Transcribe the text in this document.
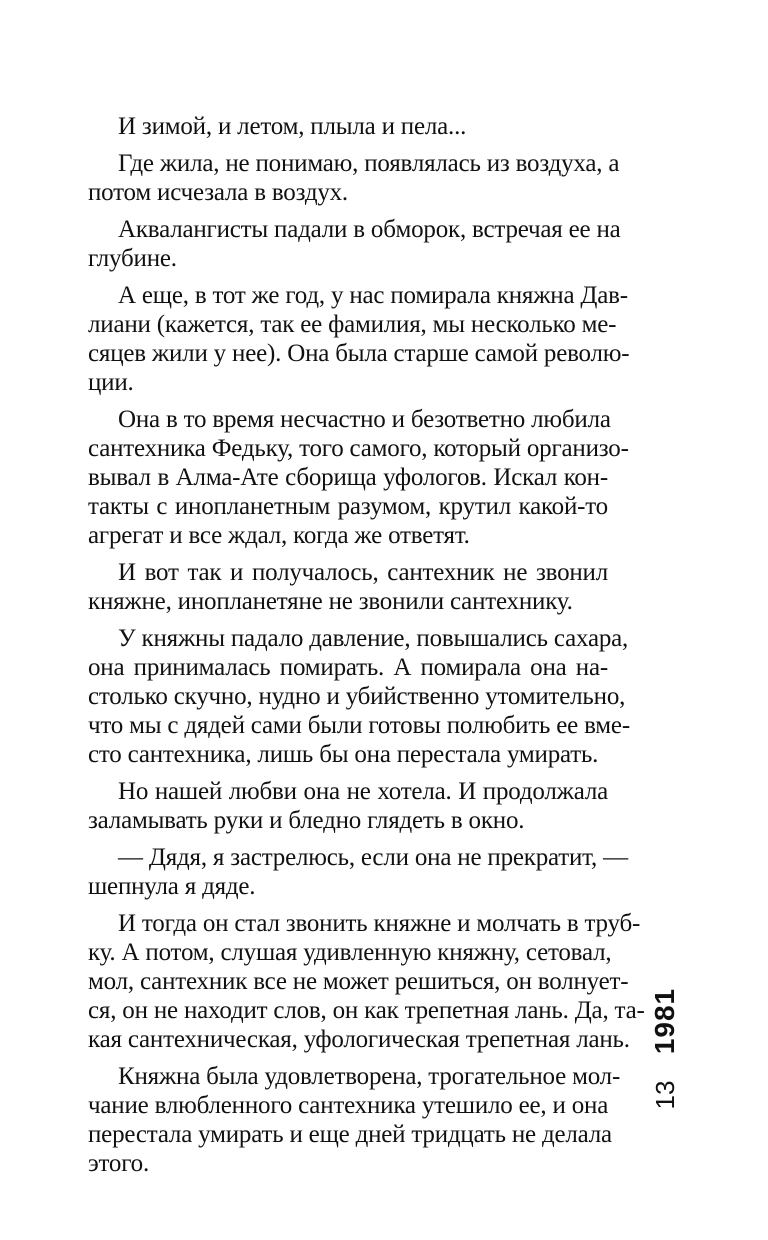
И зимой, и летом, плыла и пела...
Где жила, не понимаю, появлялась из воздуха, а
потом исчезала в воздух.
Аквалангисты падали в обморок, встречая ее на
глубине.
А еще, в тот же год, у нас помирала княжна Дав-
лиани (кажется, так ее фамилия, мы несколько ме-
сяцев жили у нее). Она была старше самой револю-
ции.
Она в то время несчастно и безответно любила
сантехника Федьку, того самого, который организо-
вывал в Алма-Ате сборища уфологов. Искал кон-
такты с инопланетным разумом, крутил какой-то
агрегат и все ждал, когда же ответят.
И вот так и получалось, сантехник не звонил
княжне, инопланетяне не звонили сантехнику.
У княжны падало давление, повышались сахара,
она принималась помирать. А помирала она на-
столько скучно, нудно и убийственно утомительно,
что мы с дядей сами были готовы полюбить ее вме-
сто сантехника, лишь бы она перестала умирать.
Но нашей любви она не хотела. И продолжала
заламывать руки и бледно глядеть в окно.
— Дядя, я застрелюсь, если она не прекратит, —
шепнула я дяде.
И тогда он стал звонить княжне и молчать в труб-
ку. А потом, слушая удивленную княжну, сетовал,
мол, сантехник все не может решиться, он волнует-
ся, он не находит слов, он как трепетная лань. Да, та-
кая сантехническая, уфологическая трепетная лань.
Княжна была удовлетворена, трогательное мол-
чание влюбленного сантехника утешило ее, и она
перестала умирать и еще дней тридцать не делала
этого.
1981
13
